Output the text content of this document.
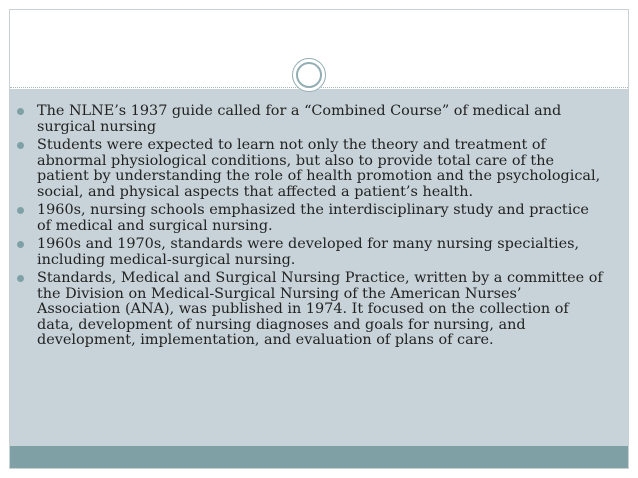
The NLNE’s 1937 guide called for a “Combined Course” of medical and surgical nursing
Students were expected to learn not only the theory and treatment of abnormal physiological conditions, but also to provide total care of the patient by understanding the role of health promotion and the psychological, social, and physical aspects that affected a patient’s health.
1960s, nursing schools emphasized the interdisciplinary study and practice of medical and surgical nursing.
1960s and 1970s, standards were developed for many nursing specialties, including medical-surgical nursing.
Standards, Medical and Surgical Nursing Practice, written by a committee of the Division on Medical-Surgical Nursing of the American Nurses’ Association (ANA), was published in 1974. It focused on the collection of data, development of nursing diagnoses and goals for nursing, and development, implementation, and evaluation of plans of care.
